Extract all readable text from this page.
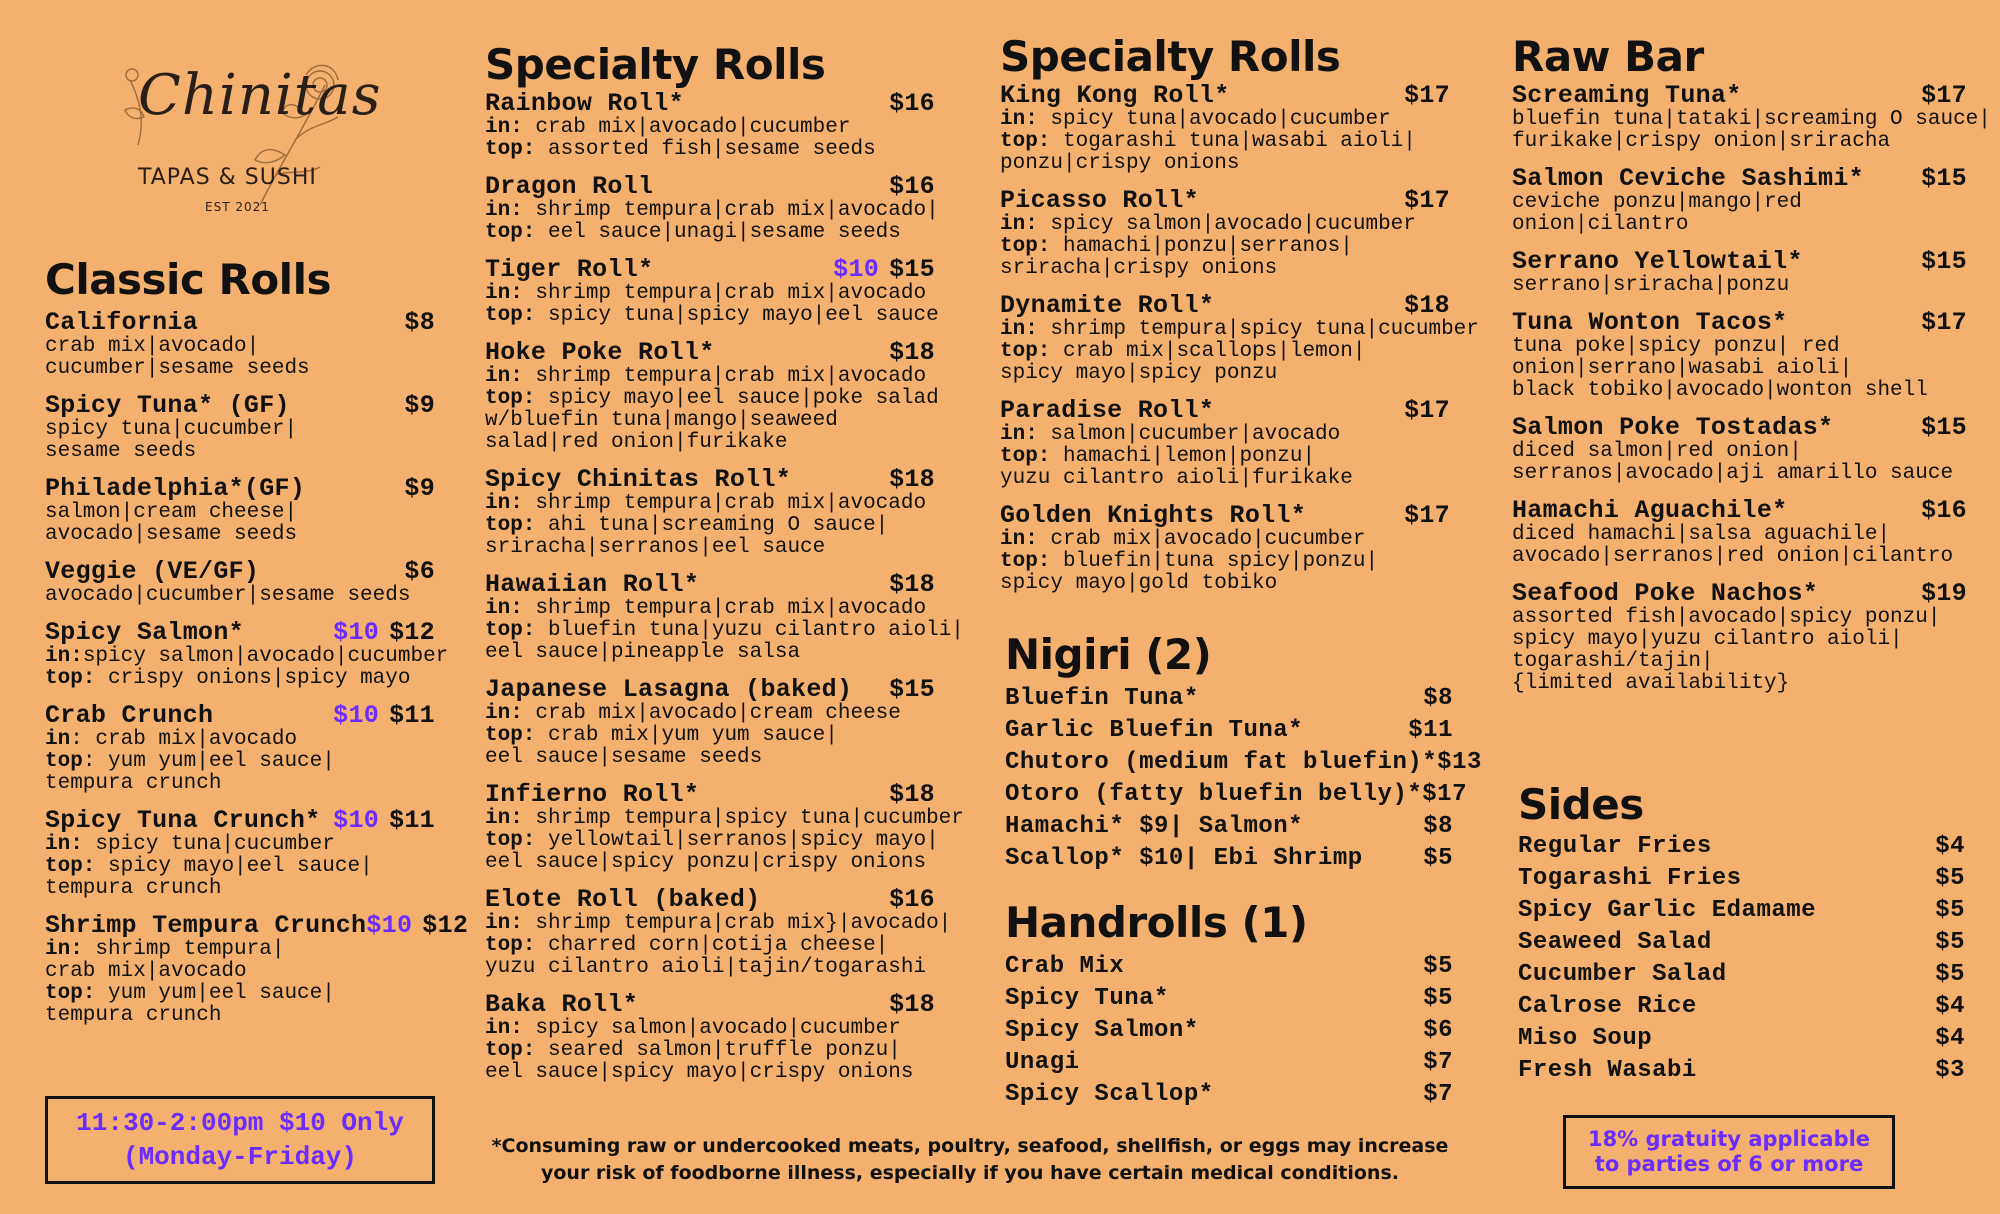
Chinitas
TAPAS & SUSHI
EST 2021
Classic Rolls
California	$8
crab mix|avocado|
cucumber|sesame seeds
Spicy Tuna* (GF)	$9
spicy tuna|cucumber|
sesame seeds
Philadelphia*(GF)	$9
salmon|cream cheese|
avocado|sesame seeds
Veggie (VE/GF)	$6
avocado|cucumber|sesame seeds
Spicy Salmon*	$10 $12
in:spicy salmon|avocado|cucumber
top: crispy onions|spicy mayo
Crab Crunch	$10 $11
in: crab mix|avocado
top: yum yum|eel sauce|
tempura crunch
Spicy Tuna Crunch* $10 $11
in: spicy tuna|cucumber
top: spicy mayo|eel sauce|
tempura crunch
Shrimp Tempura Crunch $10 $12
in: shrimp tempura|
crab mix|avocado
top: yum yum|eel sauce|
tempura crunch
11:30-2:00pm $10 Only
(Monday-Friday)
Specialty Rolls
Rainbow Roll*	$16
in: crab mix|avocado|cucumber
top: assorted fish|sesame seeds
Dragon Roll	$16
in: shrimp tempura|crab mix|avocado|
top: eel sauce|unagi|sesame seeds
Tiger Roll*	$10 $15
in: shrimp tempura|crab mix|avocado
top: spicy tuna|spicy mayo|eel sauce
Hoke Poke Roll*	$18
in: shrimp tempura|crab mix|avocado
top: spicy mayo|eel sauce|poke salad
w/bluefin tuna|mango|seaweed
salad|red onion|furikake
Spicy Chinitas Roll*	$18
in: shrimp tempura|crab mix|avocado
top: ahi tuna|screaming O sauce|
sriracha|serranos|eel sauce
Hawaiian Roll*	$18
in: shrimp tempura|crab mix|avocado
top: bluefin tuna|yuzu cilantro aioli|
eel sauce|pineapple salsa
Japanese Lasagna (baked) $15
in: crab mix|avocado|cream cheese
top: crab mix|yum yum sauce|
eel sauce|sesame seeds
Infierno Roll*	$18
in: shrimp tempura|spicy tuna|cucumber
top: yellowtail|serranos|spicy mayo|
eel sauce|spicy ponzu|crispy onions
Elote Roll (baked)	$16
in: shrimp tempura|crab mix}|avocado|
top: charred corn|cotija cheese|
yuzu cilantro aioli|tajin/togarashi
Baka Roll*	$18
in: spicy salmon|avocado|cucumber
top: seared salmon|truffle ponzu|
eel sauce|spicy mayo|crispy onions
Specialty Rolls
King Kong Roll*	$17
in: spicy tuna|avocado|cucumber
top: togarashi tuna|wasabi aioli|
ponzu|crispy onions
Picasso Roll*	$17
in: spicy salmon|avocado|cucumber
top: hamachi|ponzu|serranos|
sriracha|crispy onions
Dynamite Roll*	$18
in: shrimp tempura|spicy tuna|cucumber
top: crab mix|scallops|lemon|
spicy mayo|spicy ponzu
Paradise Roll*	$17
in: salmon|cucumber|avocado
top: hamachi|lemon|ponzu|
yuzu cilantro aioli|furikake
Golden Knights Roll*	$17
in: crab mix|avocado|cucumber
top: bluefin|tuna spicy|ponzu|
spicy mayo|gold tobiko
Nigiri (2)
Bluefin Tuna*	$8
Garlic Bluefin Tuna*	$11
Chutoro (medium fat bluefin)* $13
Otoro (fatty bluefin belly)* $17
Hamachi* $9| Salmon*	$8
Scallop* $10| Ebi Shrimp	$5
Handrolls (1)
Crab Mix	$5
Spicy Tuna*	$5
Spicy Salmon*	$6
Unagi	$7
Spicy Scallop*	$7
*Consuming raw or undercooked meats, poultry, seafood, shellfish, or eggs may increase
your risk of foodborne illness, especially if you have certain medical conditions.
Raw Bar
Screaming Tuna*	$17
bluefin tuna|tataki|screaming O sauce|
furikake|crispy onion|sriracha
Salmon Ceviche Sashimi* $15
ceviche ponzu|mango|red
onion|cilantro
Serrano Yellowtail*	$15
serrano|sriracha|ponzu
Tuna Wonton Tacos*	$17
tuna poke|spicy ponzu| red
onion|serrano|wasabi aioli|
black tobiko|avocado|wonton shell
Salmon Poke Tostadas*	$15
diced salmon|red onion|
serranos|avocado|aji amarillo sauce
Hamachi Aguachile*	$16
diced hamachi|salsa aguachile|
avocado|serranos|red onion|cilantro
Seafood Poke Nachos*	$19
assorted fish|avocado|spicy ponzu|
spicy mayo|yuzu cilantro aioli|
togarashi/tajin|
{limited availability}
Sides
Regular Fries	$4
Togarashi Fries	$5
Spicy Garlic Edamame	$5
Seaweed Salad	$5
Cucumber Salad	$5
Calrose Rice	$4
Miso Soup	$4
Fresh Wasabi	$3
18% gratuity applicable
to parties of 6 or more
